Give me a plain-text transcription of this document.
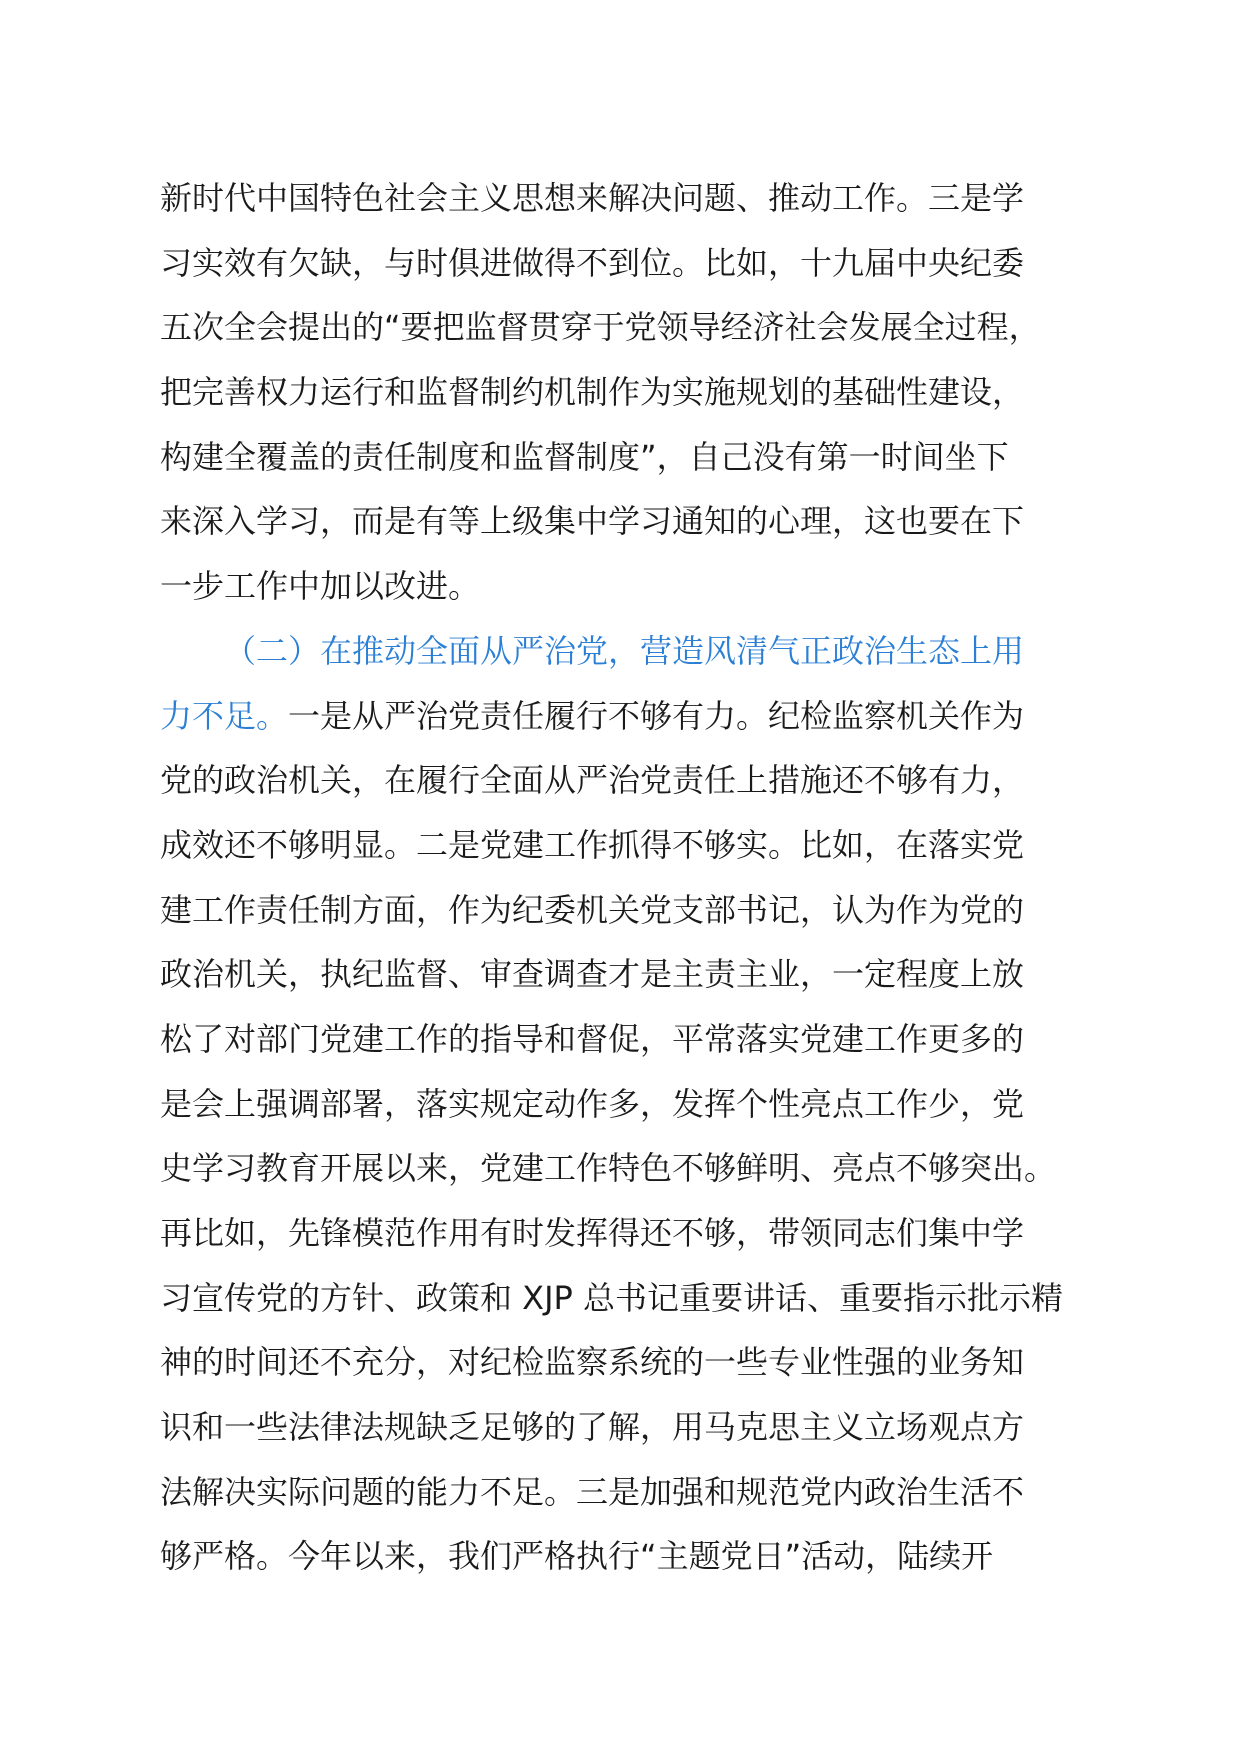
新时代中国特色社会主义思想来解决问题、推动工作。三是学
习实效有欠缺，与时俱进做得不到位。比如，十九届中央纪委
五次全会提出的“要把监督贯穿于党领导经济社会发展全过程，
把完善权力运行和监督制约机制作为实施规划的基础性建设，
构建全覆盖的责任制度和监督制度”，自己没有第一时间坐下
来深入学习，而是有等上级集中学习通知的心理，这也要在下
一步工作中加以改进。
（二）在推动全面从严治党，营造风清气正政治生态上用
力不足。一是从严治党责任履行不够有力。纪检监察机关作为
党的政治机关，在履行全面从严治党责任上措施还不够有力，
成效还不够明显。二是党建工作抓得不够实。比如，在落实党
建工作责任制方面，作为纪委机关党支部书记，认为作为党的
政治机关，执纪监督、审查调查才是主责主业，一定程度上放
松了对部门党建工作的指导和督促，平常落实党建工作更多的
是会上强调部署，落实规定动作多，发挥个性亮点工作少，党
史学习教育开展以来，党建工作特色不够鲜明、亮点不够突出。
再比如，先锋模范作用有时发挥得还不够，带领同志们集中学
习宣传党的方针、政策和 XJP 总书记重要讲话、重要指示批示精
神的时间还不充分，对纪检监察系统的一些专业性强的业务知
识和一些法律法规缺乏足够的了解，用马克思主义立场观点方
法解决实际问题的能力不足。三是加强和规范党内政治生活不
够严格。今年以来，我们严格执行“主题党日”活动，陆续开
